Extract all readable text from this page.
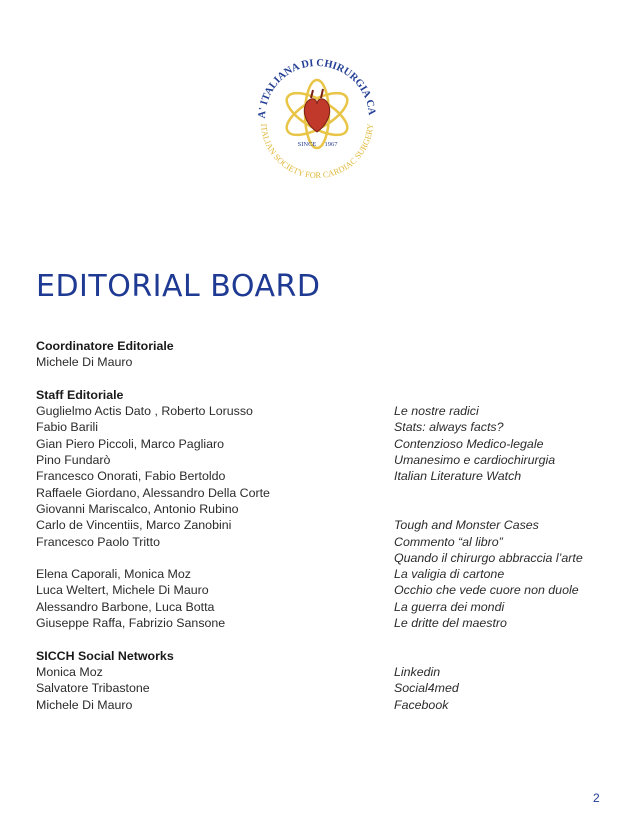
A' ITALIANA DI CHIRURGIA CA
ITALIAN SOCIETY FOR CARDIAC SURGERY
SINCE 1967
EDITORIAL BOARD
Coordinatore Editoriale
Michele Di Mauro
Staff Editoriale
Guglielmo Actis Dato , Roberto Lorusso	Le nostre radici
Fabio Barili	Stats: always facts?
Gian Piero Piccoli, Marco Pagliaro	Contenzioso Medico-legale
Pino Fundarò	Umanesimo e cardiochirurgia
Francesco Onorati, Fabio Bertoldo	Italian Literature Watch
Raffaele Giordano, Alessandro Della Corte
Giovanni Mariscalco, Antonio Rubino
Carlo de Vincentiis, Marco Zanobini	Tough and Monster Cases
Francesco Paolo Tritto	Commento “al libro”
Quando il chirurgo abbraccia l’arte
Elena Caporali, Monica Moz	La valigia di cartone
Luca Weltert, Michele Di Mauro	Occhio che vede cuore non duole
Alessandro Barbone, Luca Botta	La guerra dei mondi
Giuseppe Raffa, Fabrizio Sansone	Le dritte del maestro
SICCH Social Networks
Monica Moz	Linkedin
Salvatore Tribastone	Social4med
Michele Di Mauro	Facebook
2
